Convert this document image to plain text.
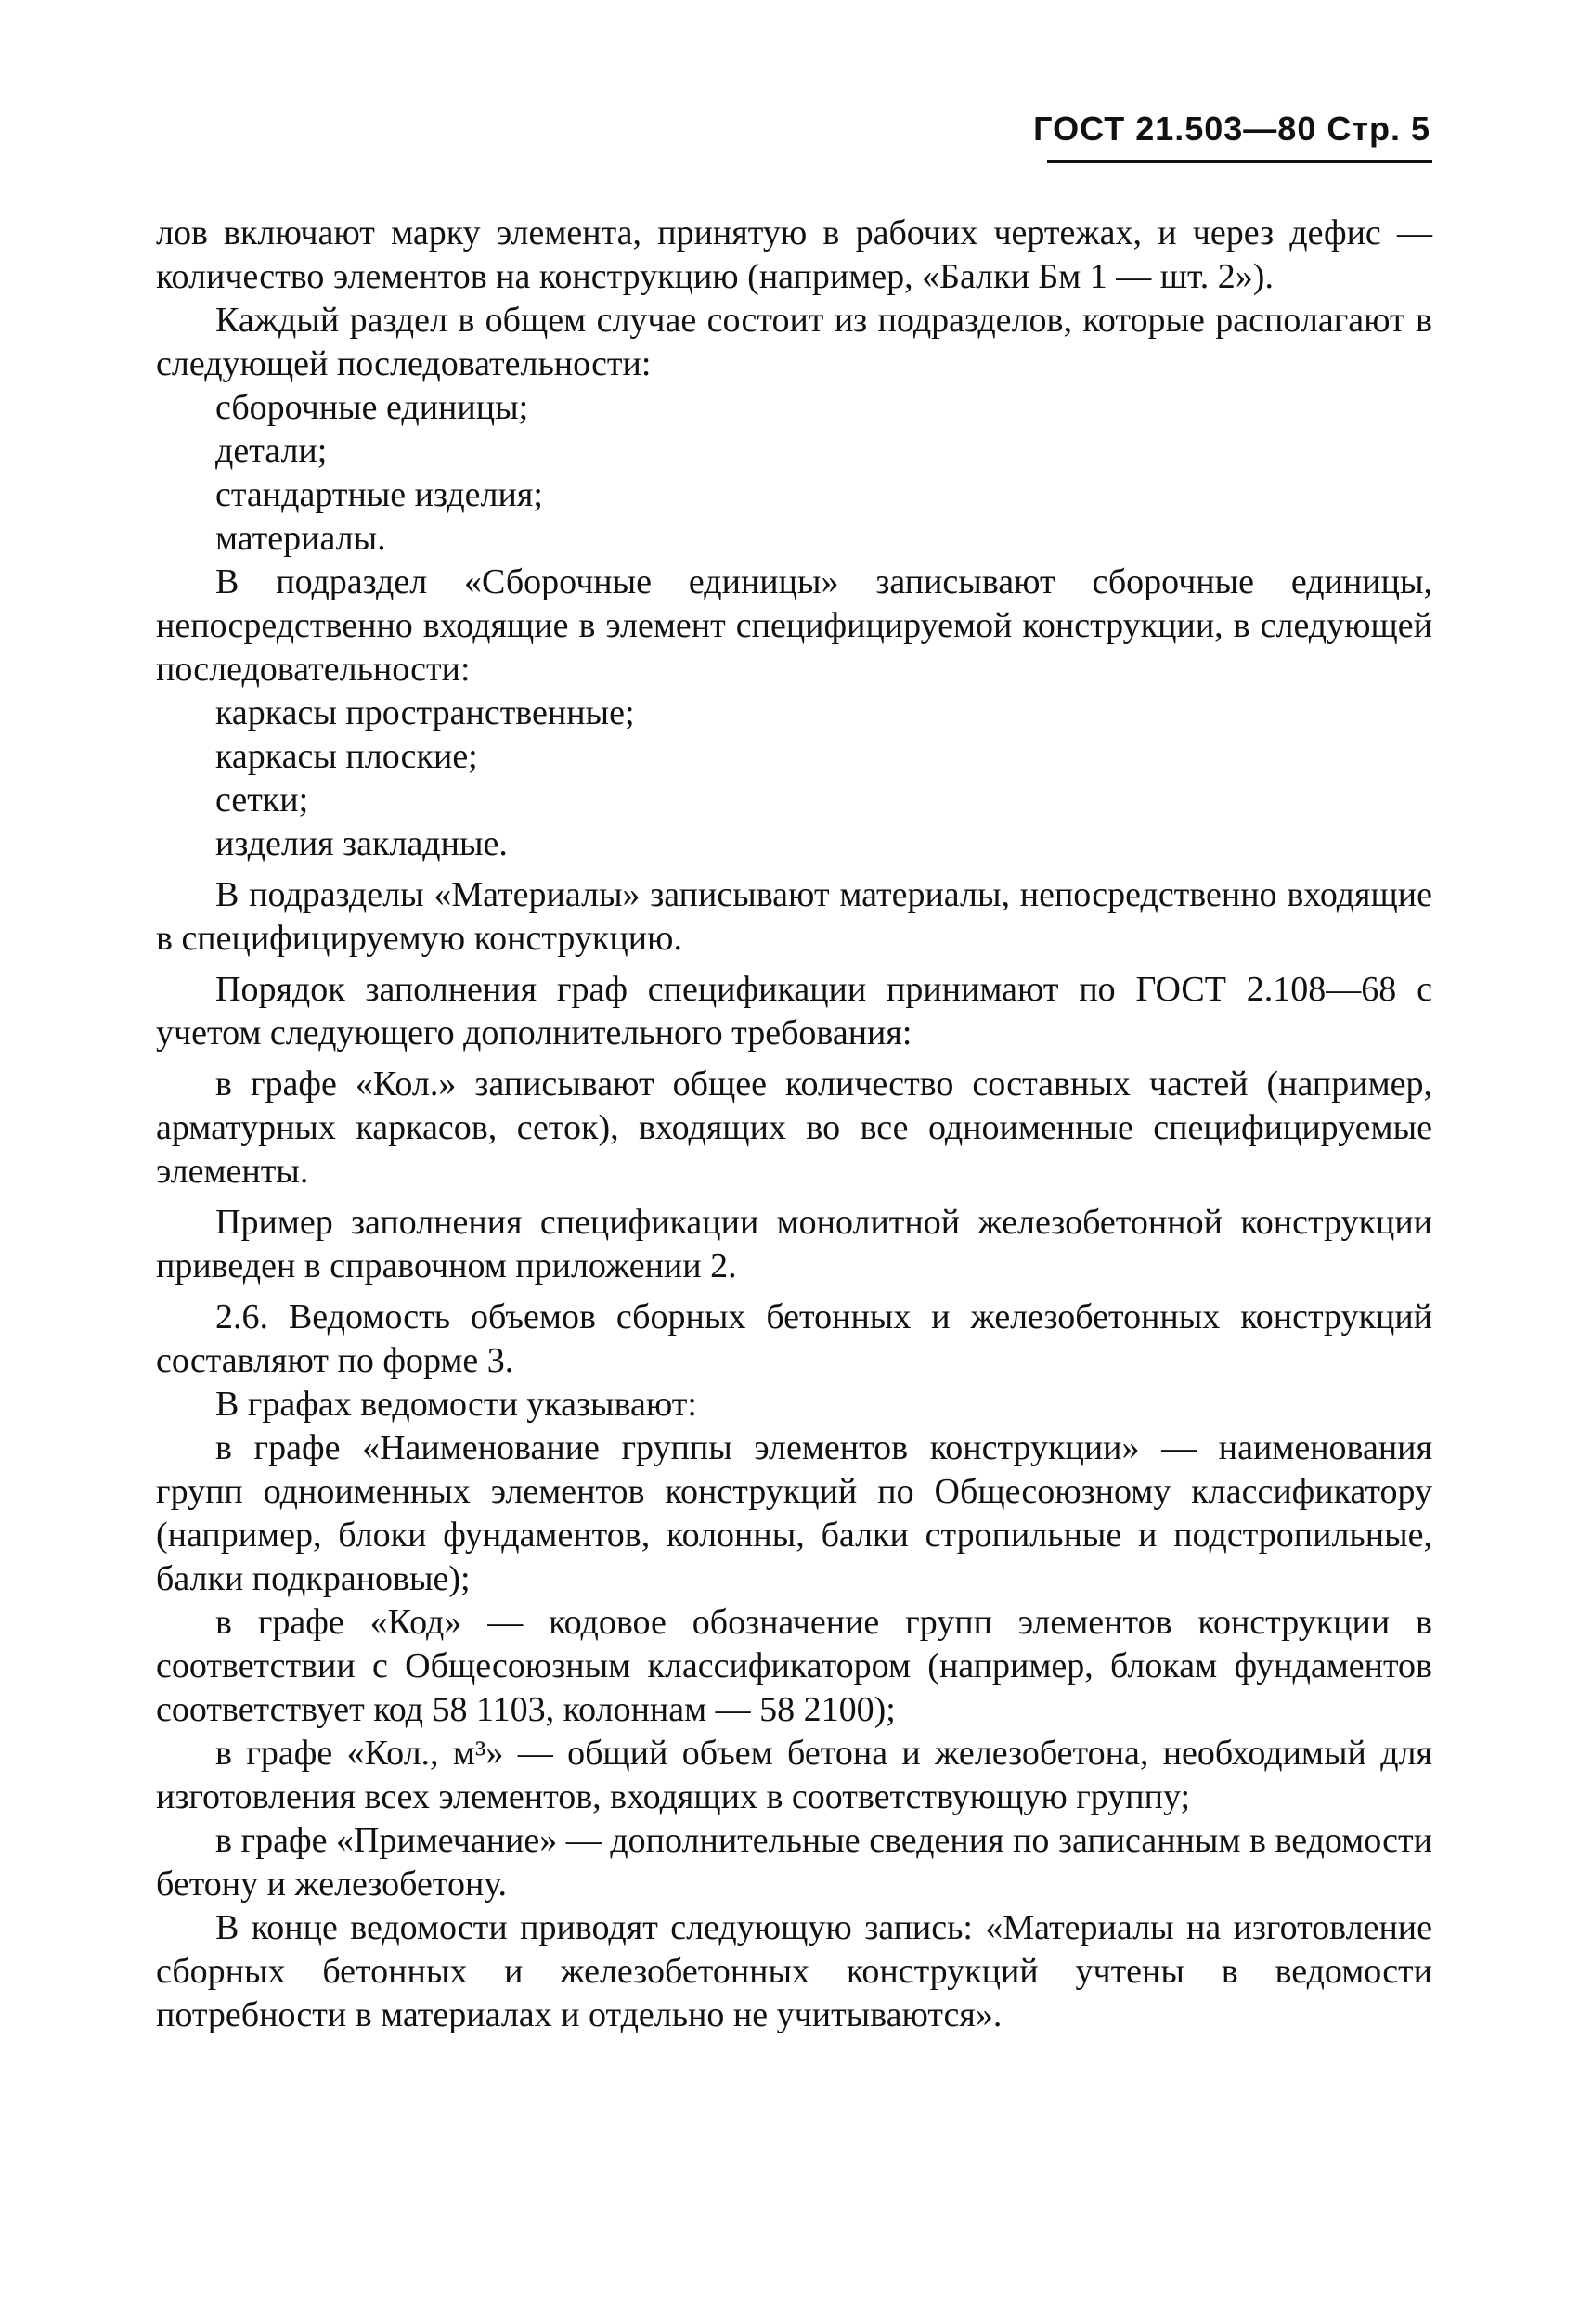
ГОСТ 21.503—80 Стр. 5

лов включают марку элемента, принятую в рабочих чертежах, и через дефис — количество элементов на конструкцию (например, «Балки Бм 1 — шт. 2»).

Каждый раздел в общем случае состоит из подразделов, которые располагают в следующей последовательности:

сборочные единицы;

детали;

стандартные изделия;

материалы.

В подраздел «Сборочные единицы» записывают сборочные единицы, непосредственно входящие в элемент специфицируемой конструкции, в следующей последовательности:

каркасы пространственные;

каркасы плоские;

сетки;

изделия закладные.

В подразделы «Материалы» записывают материалы, непосредственно входящие в специфицируемую конструкцию.

Порядок заполнения граф спецификации принимают по ГОСТ 2.108—68 с учетом следующего дополнительного требования:

в графе «Кол.» записывают общее количество составных частей (например, арматурных каркасов, сеток), входящих во все одноименные специфицируемые элементы.

Пример заполнения спецификации монолитной железобетонной конструкции приведен в справочном приложении 2.

2.6. Ведомость объемов сборных бетонных и железобетонных конструкций составляют по форме 3.

В графах ведомости указывают:

в графе «Наименование группы элементов конструкции» — наименования групп одноименных элементов конструкций по Общесоюзному классификатору (например, блоки фундаментов, колонны, балки стропильные и подстропильные, балки подкрановые);

в графе «Код» — кодовое обозначение групп элементов конструкции в соответствии с Общесоюзным классификатором (например, блокам фундаментов соответствует код 58 1103, колоннам — 58 2100);

в графе «Кол., м³» — общий объем бетона и железобетона, необходимый для изготовления всех элементов, входящих в соответствующую группу;

в графе «Примечание» — дополнительные сведения по записанным в ведомости бетону и железобетону.

В конце ведомости приводят следующую запись: «Материалы на изготовление сборных бетонных и железобетонных конструкций учтены в ведомости потребности в материалах и отдельно не учитываются».
